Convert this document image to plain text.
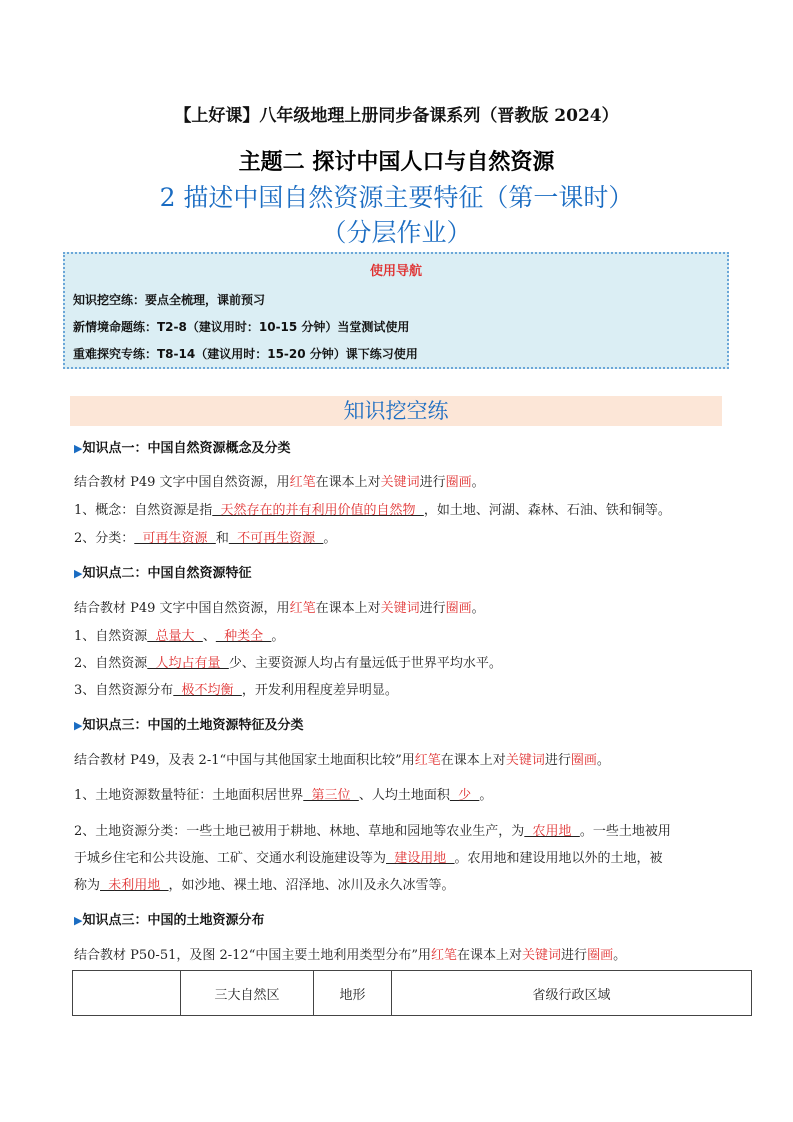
【上好课】八年级地理上册同步备课系列（晋教版 2024）
主题二 探讨中国人口与自然资源
2 描述中国自然资源主要特征（第一课时）
（分层作业）
使用导航
知识挖空练：要点全梳理，课前预习
新情境命题练：T2-8（建议用时：10-15 分钟）当堂测试使用
重难探究专练：T8-14（建议用时：15-20 分钟）课下练习使用
知识挖空练
▶知识点一：中国自然资源概念及分类
结合教材 P49 文字中国自然资源，用红笔在课本上对关键词进行圈画。
1、概念：自然资源是指  天然存在的并有利用价值的自然物  ，如土地、河湖、森林、石油、铁和铜等。
2、分类：  可再生资源  和  不可再生资源  。
▶知识点二：中国自然资源特征
结合教材 P49 文字中国自然资源，用红笔在课本上对关键词进行圈画。
1、自然资源  总量大  、  种类全  。
2、自然资源  人均占有量  少、主要资源人均占有量远低于世界平均水平。
3、自然资源分布  极不均衡  ，开发利用程度差异明显。
▶知识点三：中国的土地资源特征及分类
结合教材 P49，及表 2-1“中国与其他国家土地面积比较”用红笔在课本上对关键词进行圈画。
1、土地资源数量特征：土地面积居世界  第三位  、人均土地面积  少  。
2、土地资源分类：一些土地已被用于耕地、林地、草地和园地等农业生产，为  农用地  。一些土地被用
于城乡住宅和公共设施、工矿、交通水利设施建设等为  建设用地  。农用地和建设用地以外的土地，被
称为  未利用地  ，如沙地、裸土地、沼泽地、冰川及永久冰雪等。
▶知识点三：中国的土地资源分布
结合教材 P50-51，及图 2-12“中国主要土地利用类型分布”用红笔在课本上对关键词进行圈画。
	三大自然区	地形	省级行政区域
